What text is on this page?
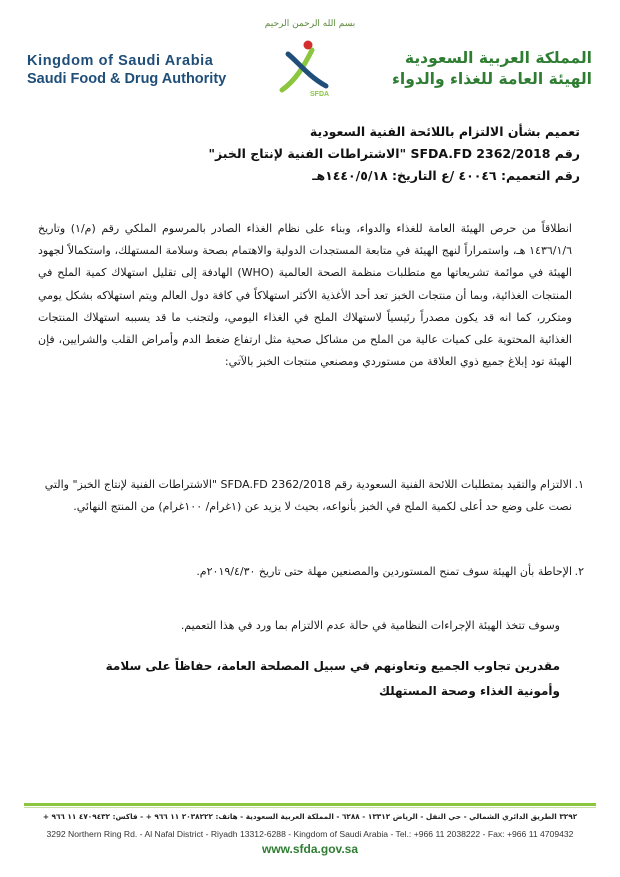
بسم الله الرحمن الرحيم
Kingdom of Saudi Arabia
Saudi Food & Drug Authority
SFDA
المملكة العربية السعودية
الهيئة العامة للغذاء والدواء
تعميم بشأن الالتزام باللائحة الفنية السعودية
رقم SFDA.FD 2362/2018 "الاشتراطات الفنية لإنتاج الخبز"
رقم التعميم: ٤٠٠٤٦ /ع التاريخ: ١٤٤٠/٥/١٨هـ
انطلاقاً من حرص الهيئة العامة للغذاء والدواء، وبناء على نظام الغذاء الصادر بالمرسوم الملكي رقم (م/١) وتاريخ ١٤٣٦/١/٦ هـ، واستمراراً لنهج الهيئة في متابعة المستجدات الدولية والاهتمام بصحة وسلامة المستهلك، واستكمالاً لجهود الهيئة في موائمة تشريعاتها مع متطلبات منظمة الصحة العالمية (WHO) الهادفة إلى تقليل استهلاك كمية الملح في المنتجات الغذائية، وبما أن منتجات الخبز تعد أحد الأغذية الأكثر استهلاكاً في كافة دول العالم ويتم استهلاكه بشكل يومي ومتكرر، كما انه قد يكون مصدراً رئيسياً لاستهلاك الملح في الغذاء اليومي، ولتجنب ما قد يسببه استهلاك المنتجات الغذائية المحتوية على كميات عالية من الملح من مشاكل صحية مثل ارتفاع ضغط الدم وأمراض القلب والشرايين، فإن الهيئة تود إبلاغ جميع ذوي العلاقة من مستوردي ومصنعي منتجات الخبز بالآتي:
١.
الالتزام والتقيد بمتطلبات اللائحة الفنية السعودية رقم SFDA.FD 2362/2018 "الاشتراطات الفنية لإنتاج الخبز" والتي نصت على وضع حد أعلى لكمية الملح في الخبز بأنواعه، بحيث لا يزيد عن (١غرام/ ١٠٠غرام) من المنتج النهائي.
٢.
الإحاطة بأن الهيئة سوف تمنح المستوردين والمصنعين مهلة حتى تاريخ ٢٠١٩/٤/٣٠م.
وسوف تتخذ الهيئة الإجراءات النظامية في حالة عدم الالتزام بما ورد في هذا التعميم.
مقدرين تجاوب الجميع وتعاونهم في سبيل المصلحة العامة، حفاظاً على سلامة
وأمونية الغذاء وصحة المستهلك
٣٢٩٢ الطريق الدائري الشمالي - حي النفل - الرياض ١٣٣١٢ - ٦٢٨٨ - المملكة العربية السعودية - هاتف: ٢٠٣٨٢٢٢ ١١ ٩٦٦ + - فاكس: ٤٧٠٩٤٣٢ ١١ ٩٦٦ +
3292 Northern Ring Rd. - Al Nafal District - Riyadh 13312-6288 - Kingdom of Saudi Arabia - Tel.: +966 11 2038222 - Fax: +966 11 4709432
www.sfda.gov.sa
